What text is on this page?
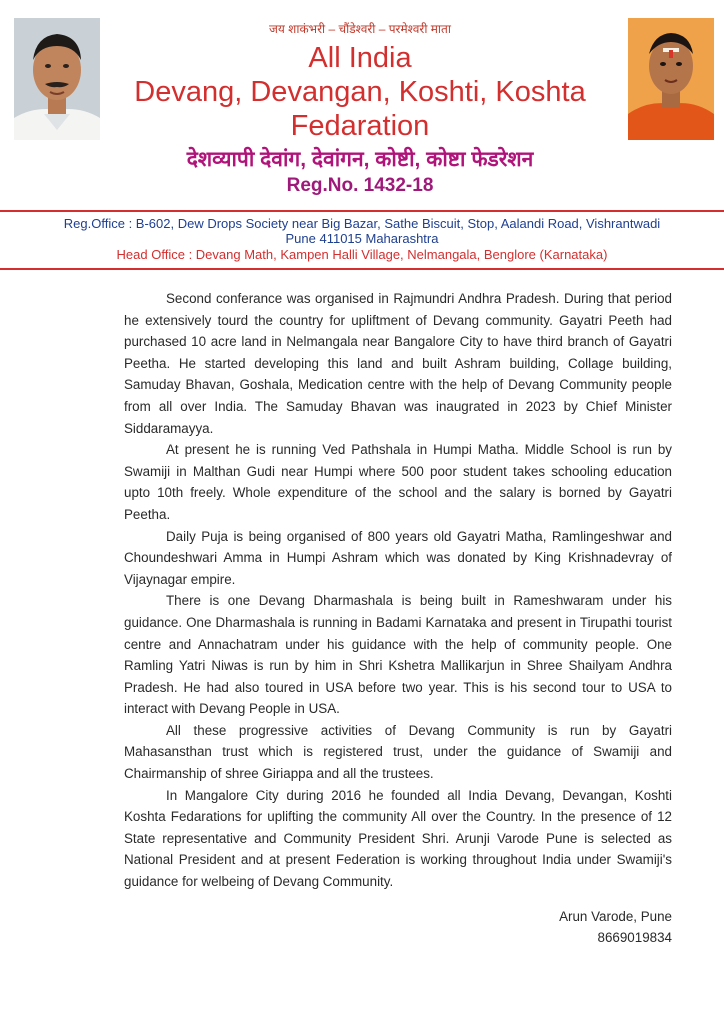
जय शाकंभरी – चौंडेश्वरी – परमेश्वरी माता
All India
Devang, Devangan, Koshti, Koshta
Fedaration
देशव्यापी देवांग, देवांगन, कोष्टी, कोष्टा फेडरेशन
Reg.No. 1432-18
Reg.Office : B-602, Dew Drops Society near Big Bazar, Sathe Biscuit, Stop, Aalandi Road, Vishrantwadi
Pune 411015 Maharashtra
Head Office : Devang Math, Kampen Halli Village, Nelmangala, Benglore (Karnataka)

Second conferance was organised in Rajmundri Andhra Pradesh. During that period he extensively tourd the country for upliftment of Devang community. Gayatri Peeth had purchased 10 acre land in Nelmangala near Bangalore City to have third branch of Gayatri Peetha. He started developing this land and built Ashram building, Collage building, Samuday Bhavan, Goshala, Medication centre with the help of Devang Community people from all over India. The Samuday Bhavan was inaugrated in 2023 by Chief Minister Siddaramayya.

At present he is running Ved Pathshala in Humpi Matha. Middle School is run by Swamiji in Malthan Gudi near Humpi where 500 poor student takes schooling education upto 10th freely. Whole expenditure of the school and the salary is borned by Gayatri Peetha.

Daily Puja is being organised of 800 years old Gayatri Matha, Ramlingeshwar and Choundeshwari Amma in Humpi Ashram which was donated by King Krishnadevray of Vijaynagar empire.

There is one Devang Dharmashala is being built in Rameshwaram under his guidance. One Dharmashala is running in Badami Karnataka and present in Tirupathi tourist centre and Annachatram under his guidance with the help of community people. One Ramling Yatri Niwas is run by him in Shri Kshetra Mallikarjun in Shree Shailyam Andhra Pradesh. He had also toured in USA before two year. This is his second tour to USA to interact with Devang People in USA.

All these progressive activities of Devang Community is run by Gayatri Mahasansthan trust which is registered trust, under the guidance of Swamiji and Chairmanship of shree Giriappa and all the trustees.

In Mangalore City during 2016 he founded all India Devang, Devangan, Koshti Koshta Fedarations for uplifting the community All over the Country. In the presence of 12 State representative and Community President Shri. Arunji Varode Pune is selected as National President and at present Federation is working throughout India under Swamiji's guidance for welbeing of Devang Community.

Arun Varode, Pune
8669019834
